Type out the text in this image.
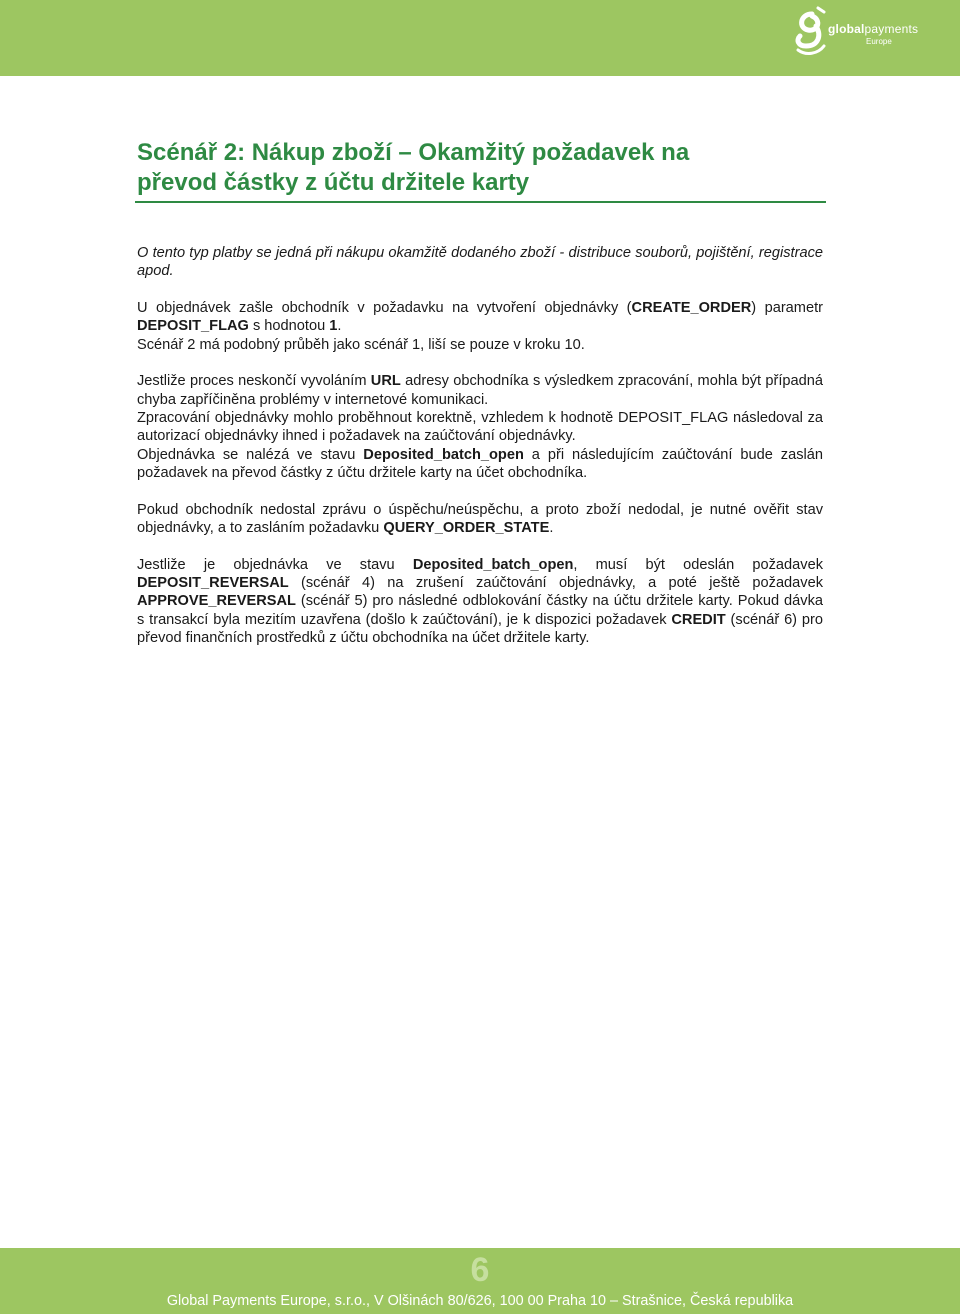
globalpayments
Europe
Scénář 2: Nákup zboží – Okamžitý požadavek na
převod částky z účtu držitele karty

O tento typ platby se jedná při nákupu okamžitě dodaného zboží - distribuce souborů, pojištění, registrace apod.

U objednávek zašle obchodník v požadavku na vytvoření objednávky (CREATE_ORDER) parametr DEPOSIT_FLAG s hodnotou 1.

Scénář 2 má podobný průběh jako scénář 1, liší se pouze v kroku 10.

Jestliže proces neskončí vyvoláním URL adresy obchodníka s výsledkem zpracování, mohla být případná chyba zapříčiněna problémy v internetové komunikaci.

Zpracování objednávky mohlo proběhnout korektně, vzhledem k hodnotě DEPOSIT_FLAG následoval za autorizací objednávky ihned i požadavek na zaúčtování objednávky.

Objednávka se nalézá ve stavu Deposited_batch_open a při následujícím zaúčtování bude zaslán požadavek na převod částky z účtu držitele karty na účet obchodníka.

Pokud obchodník nedostal zprávu o úspěchu/neúspěchu, a proto zboží nedodal, je nutné ověřit stav objednávky, a to zasláním požadavku QUERY_ORDER_STATE.

Jestliže je objednávka ve stavu Deposited_batch_open, musí být odeslán požadavek DEPOSIT_REVERSAL (scénář 4) na zrušení zaúčtování objednávky, a poté ještě požadavek APPROVE_REVERSAL (scénář 5) pro následné odblokování částky na účtu držitele karty. Pokud dávka s transakcí byla mezitím uzavřena (došlo k zaúčtování), je k dispozici požadavek CREDIT (scénář 6) pro převod finančních prostředků z účtu obchodníka na účet držitele karty.

6
Global Payments Europe, s.r.o., V Olšinách 80/626, 100 00 Praha 10 – Strašnice, Česká republika
